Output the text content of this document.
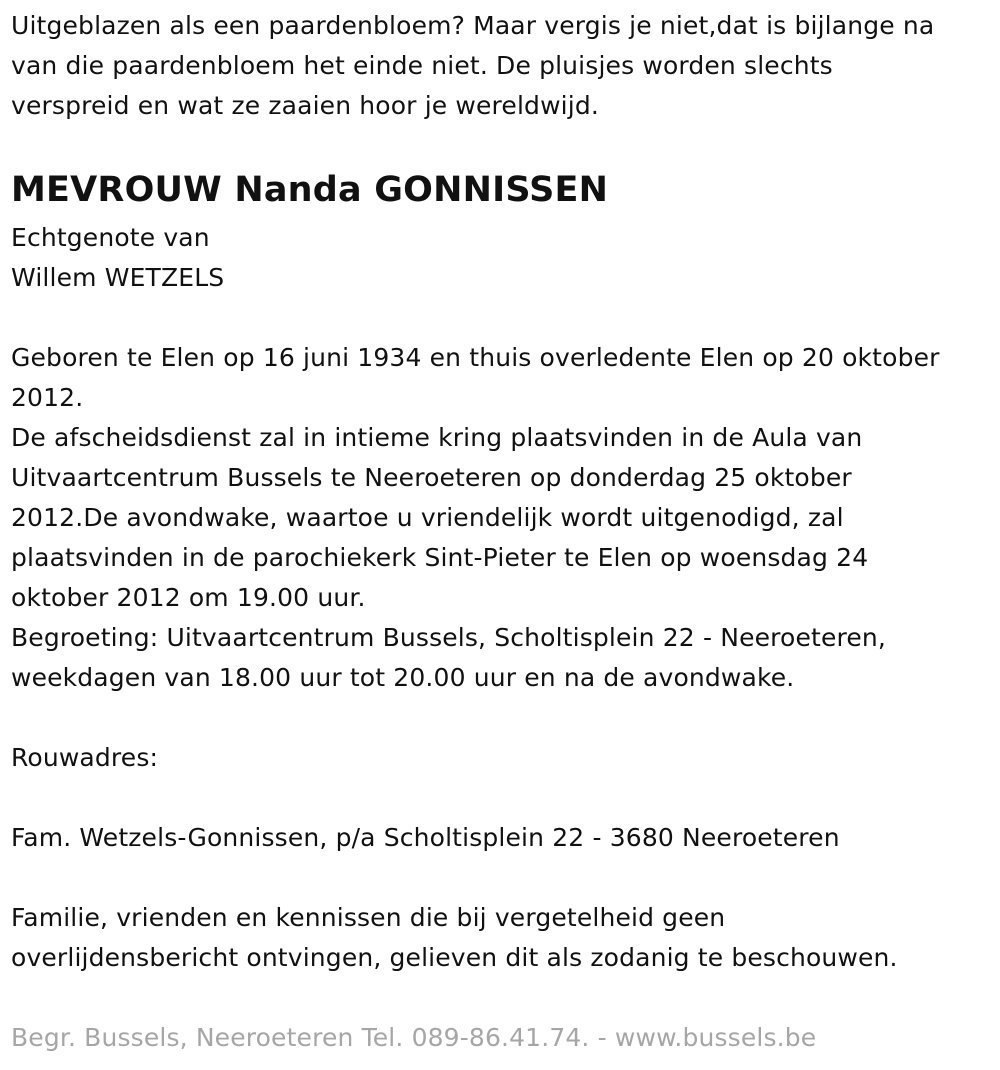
Uitgeblazen als een paardenbloem? Maar vergis je niet,dat is bijlange na
van die paardenbloem het einde niet. De pluisjes worden slechts
verspreid en wat ze zaaien hoor je wereldwijd.
MEVROUW Nanda GONNISSEN
Echtgenote van
Willem WETZELS
Geboren te Elen op 16 juni 1934 en thuis overledente Elen op 20 oktober
2012.
De afscheidsdienst zal in intieme kring plaatsvinden in de Aula van
Uitvaartcentrum Bussels te Neeroeteren op donderdag 25 oktober
2012.De avondwake, waartoe u vriendelijk wordt uitgenodigd, zal
plaatsvinden in de parochiekerk Sint-Pieter te Elen op woensdag 24
oktober 2012 om 19.00 uur.
Begroeting: Uitvaartcentrum Bussels, Scholtisplein 22 - Neeroeteren,
weekdagen van 18.00 uur tot 20.00 uur en na de avondwake.
Rouwadres:
Fam. Wetzels-Gonnissen, p/a Scholtisplein 22 - 3680 Neeroeteren
Familie, vrienden en kennissen die bij vergetelheid geen
overlijdensbericht ontvingen, gelieven dit als zodanig te beschouwen.
Begr. Bussels, Neeroeteren Tel. 089-86.41.74. - www.bussels.be
